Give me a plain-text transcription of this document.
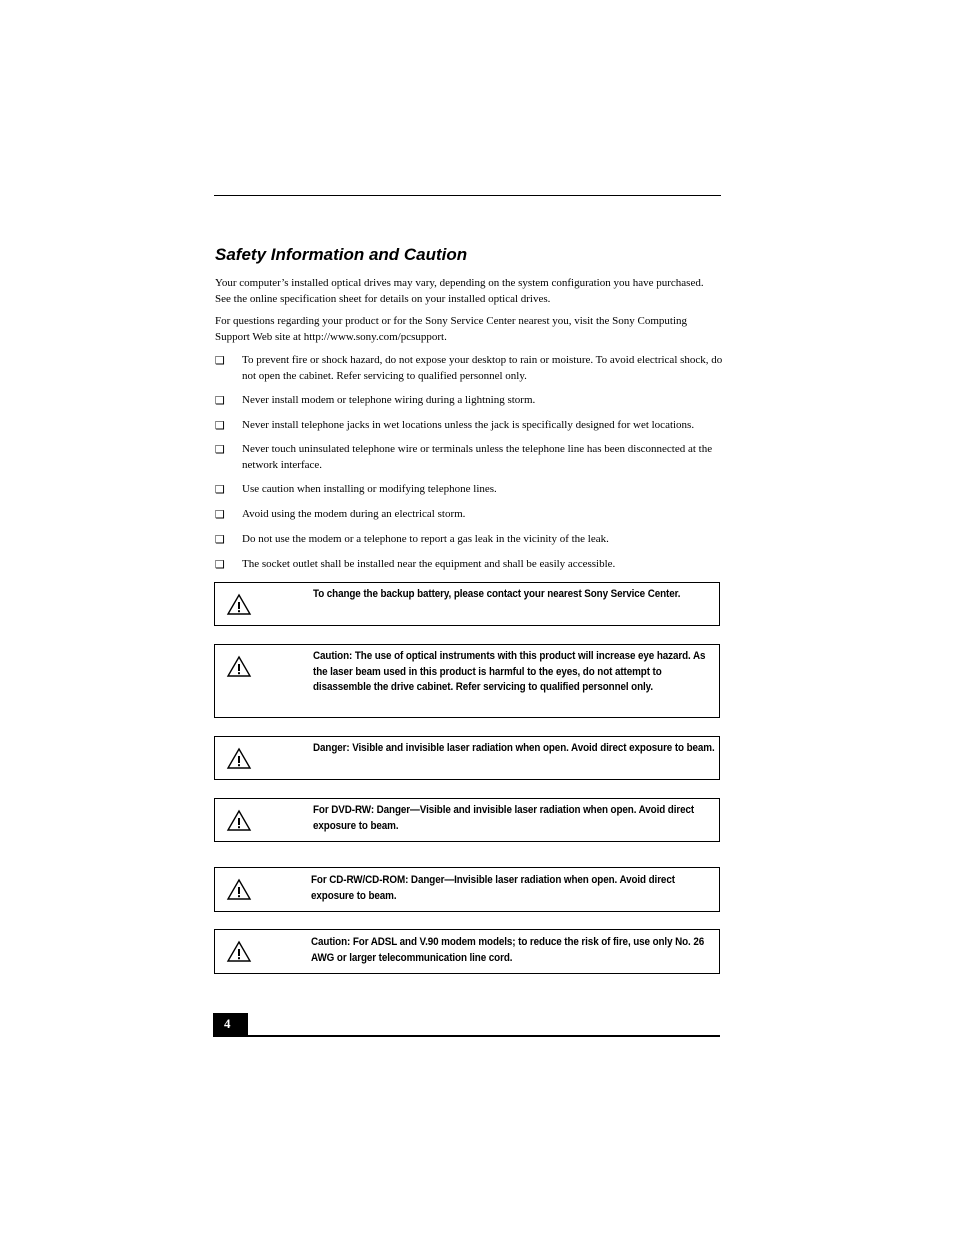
Safety Information and Caution

Your computer’s installed optical drives may vary, depending on the system configuration you have purchased. See the online specification sheet for details on your installed optical drives.

For questions regarding your product or for the Sony Service Center nearest you, visit the Sony Computing Support Web site at http://www.sony.com/pcsupport.

❑ To prevent fire or shock hazard, do not expose your desktop to rain or moisture. To avoid electrical shock, do not open the cabinet. Refer servicing to qualified personnel only.
❑ Never install modem or telephone wiring during a lightning storm.
❑ Never install telephone jacks in wet locations unless the jack is specifically designed for wet locations.
❑ Never touch uninsulated telephone wire or terminals unless the telephone line has been disconnected at the network interface.
❑ Use caution when installing or modifying telephone lines.
❑ Avoid using the modem during an electrical storm.
❑ Do not use the modem or a telephone to report a gas leak in the vicinity of the leak.
❑ The socket outlet shall be installed near the equipment and shall be easily accessible.
To change the backup battery, please contact your nearest Sony Service Center.
Caution: The use of optical instruments with this product will increase eye hazard. As the laser beam used in this product is harmful to the eyes, do not attempt to disassemble the drive cabinet. Refer servicing to qualified personnel only.
Danger: Visible and invisible laser radiation when open. Avoid direct exposure to beam.
For DVD-RW: Danger—Visible and invisible laser radiation when open. Avoid direct exposure to beam.
For CD-RW/CD-ROM: Danger—Invisible laser radiation when open. Avoid direct exposure to beam.
Caution: For ADSL and V.90 modem models; to reduce the risk of fire, use only No. 26 AWG or larger telecommunication line cord.
4
